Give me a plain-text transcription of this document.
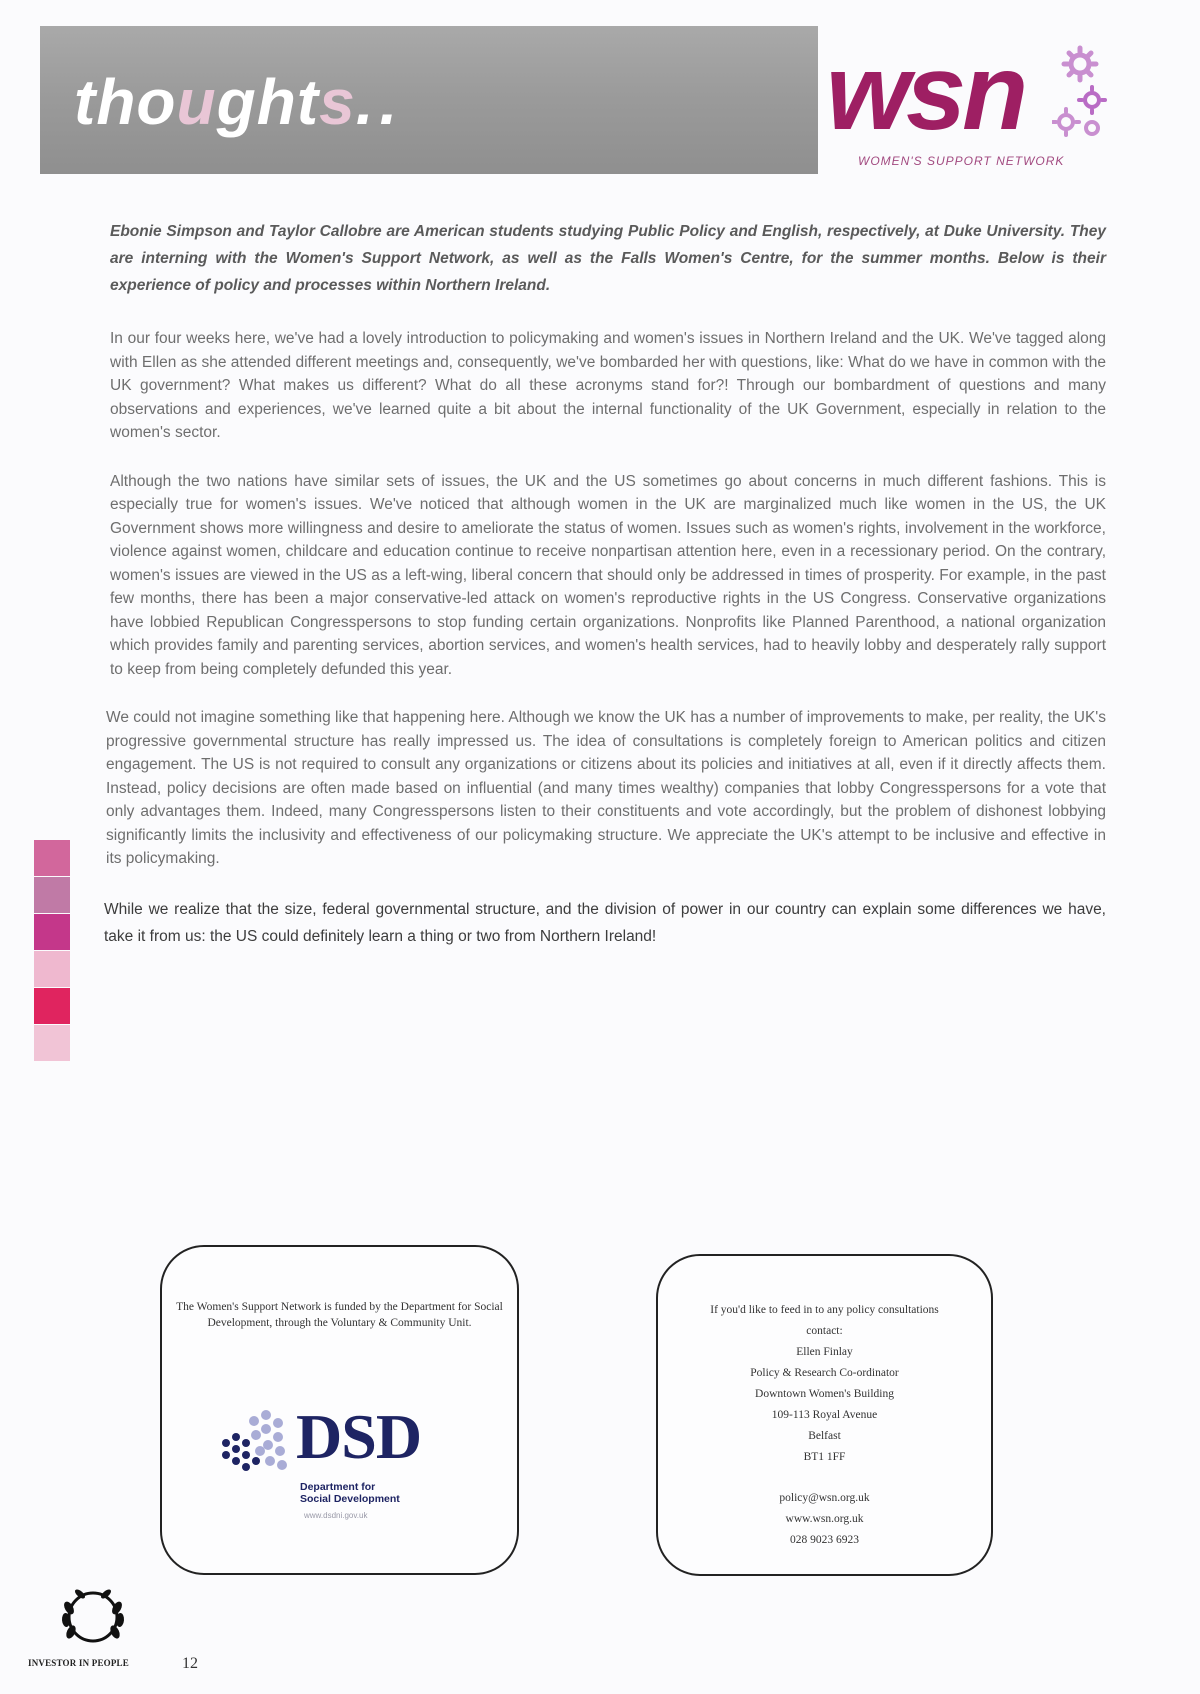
thoughts..	wsn

WOMEN'S SUPPORT NETWORK

Ebonie Simpson and Taylor Callobre are American students studying Public Policy and English, respectively, at Duke University. They are interning with the Women's Support Network, as well as the Falls Women's Centre, for the summer months. Below is their experience of policy and processes within Northern Ireland.

In our four weeks here, we've had a lovely introduction to policymaking and women's issues in Northern Ireland and the UK. We've tagged along with Ellen as she attended different meetings and, consequently, we've bombarded her with questions, like: What do we have in common with the UK government? What makes us different? What do all these acronyms stand for?! Through our bombardment of questions and many observations and experiences, we've learned quite a bit about the internal functionality of the UK Government, especially in relation to the women's sector.

Although the two nations have similar sets of issues, the UK and the US sometimes go about concerns in much different fashions. This is especially true for women's issues. We've noticed that although women in the UK are marginalized much like women in the US, the UK Government shows more willingness and desire to ameliorate the status of women. Issues such as women's rights, involvement in the workforce, violence against women, childcare and education continue to receive nonpartisan attention here, even in a recessionary period. On the contrary, women's issues are viewed in the US as a left-wing, liberal concern that should only be addressed in times of prosperity. For example, in the past few months, there has been a major conservative-led attack on women's reproductive rights in the US Congress. Conservative organizations have lobbied Republican Congresspersons to stop funding certain organizations. Nonprofits like Planned Parenthood, a national organization which provides family and parenting services, abortion services, and women's health services, had to heavily lobby and desperately rally support to keep from being completely defunded this year.

We could not imagine something like that happening here. Although we know the UK has a number of improvements to make, per reality, the UK's progressive governmental structure has really impressed us. The idea of consultations is completely foreign to American politics and citizen engagement. The US is not required to consult any organizations or citizens about its policies and initiatives at all, even if it directly affects them. Instead, policy decisions are often made based on influential (and many times wealthy) companies that lobby Congresspersons for a vote that only advantages them. Indeed, many Congresspersons listen to their constituents and vote accordingly, but the problem of dishonest lobbying significantly limits the inclusivity and effectiveness of our policymaking structure. We appreciate the UK's attempt to be inclusive and effective in its policymaking.

While we realize that the size, federal governmental structure, and the division of power in our country can explain some differences we have, take it from us: the US could definitely learn a thing or two from Northern Ireland!

The Women's Support Network is funded by the Department for Social Development, through the Voluntary & Community Unit.

DSD

Department for
Social Development

www.dsdni.gov.uk

If you'd like to feed in to any policy consultations contact:

Ellen Finlay

Policy & Research Co-ordinator

Downtown Women's Building

109-113 Royal Avenue

Belfast

BT1 1FF

policy@wsn.org.uk

www.wsn.org.uk

028 9023 6923

INVESTOR IN PEOPLE	12
